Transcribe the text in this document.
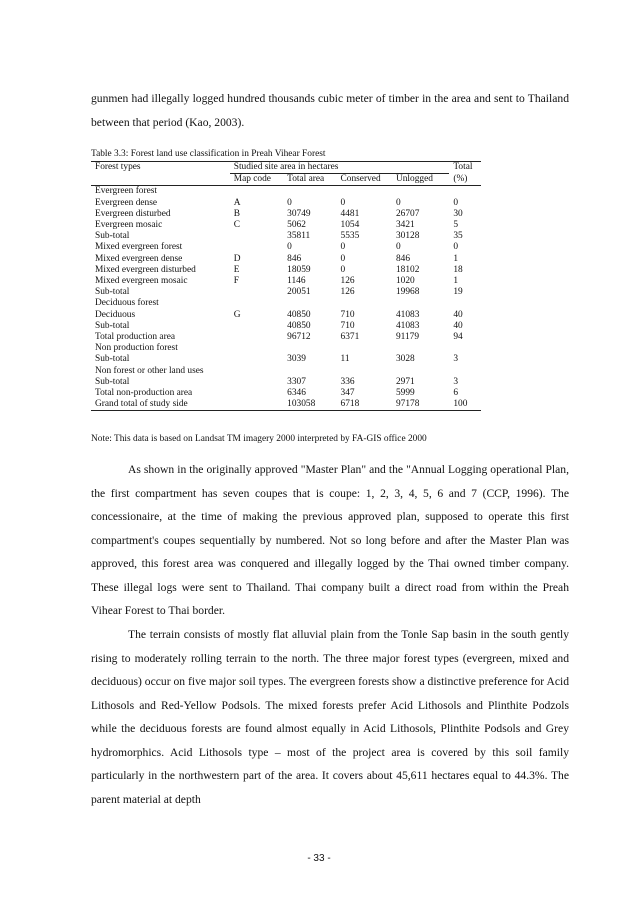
gunmen had illegally logged hundred thousands cubic meter of timber in the area and sent to Thailand between that period (Kao, 2003).

Table 3.3: Forest land use classification in Preah Vihear Forest
Forest types	Studied site area in hectares					Total
	Map code	Total area	Conserved	Unlogged		(%)
Evergreen forest						
Evergreen dense	A	0	0	0		0
Evergreen disturbed	B	30749	4481	26707		30
Evergreen mosaic	C	5062	1054	3421		5
Sub-total		35811	5535	30128		35
Mixed evergreen forest		0	0	0		0
Mixed evergreen dense	D	846	0	846		1
Mixed evergreen disturbed	E	18059	0	18102		18
Mixed evergreen mosaic	F	1146	126	1020		1
Sub-total		20051	126	19968		19
Deciduous forest						
Deciduous	G	40850	710	41083		40
Sub-total		40850	710	41083		40
Total production area		96712	6371	91179		94
Non production forest						
Sub-total		3039	11	3028		3
Non forest or other land uses						
Sub-total		3307	336	2971		3
Total non-production area		6346	347	5999		6
Grand total of study side		103058	6718	97178		100
Note: This data is based on Landsat TM imagery 2000 interpreted by FA-GIS office 2000

As shown in the originally approved "Master Plan" and the "Annual Logging operational Plan, the first compartment has seven coupes that is coupe: 1, 2, 3, 4, 5, 6 and 7 (CCP, 1996). The concessionaire, at the time of making the previous approved plan, supposed to operate this first compartment's coupes sequentially by numbered. Not so long before and after the Master Plan was approved, this forest area was conquered and illegally logged by the Thai owned timber company. These illegal logs were sent to Thailand. Thai company built a direct road from within the Preah Vihear Forest to Thai border.

The terrain consists of mostly flat alluvial plain from the Tonle Sap basin in the south gently rising to moderately rolling terrain to the north. The three major forest types (evergreen, mixed and deciduous) occur on five major soil types. The evergreen forests show a distinctive preference for Acid Lithosols and Red-Yellow Podsols. The mixed forests prefer Acid Lithosols and Plinthite Podzols while the deciduous forests are found almost equally in Acid Lithosols, Plinthite Podsols and Grey hydromorphics. Acid Lithosols type – most of the project area is covered by this soil family particularly in the northwestern part of the area. It covers about 45,611 hectares equal to 44.3%. The parent material at depth

- 33 -
